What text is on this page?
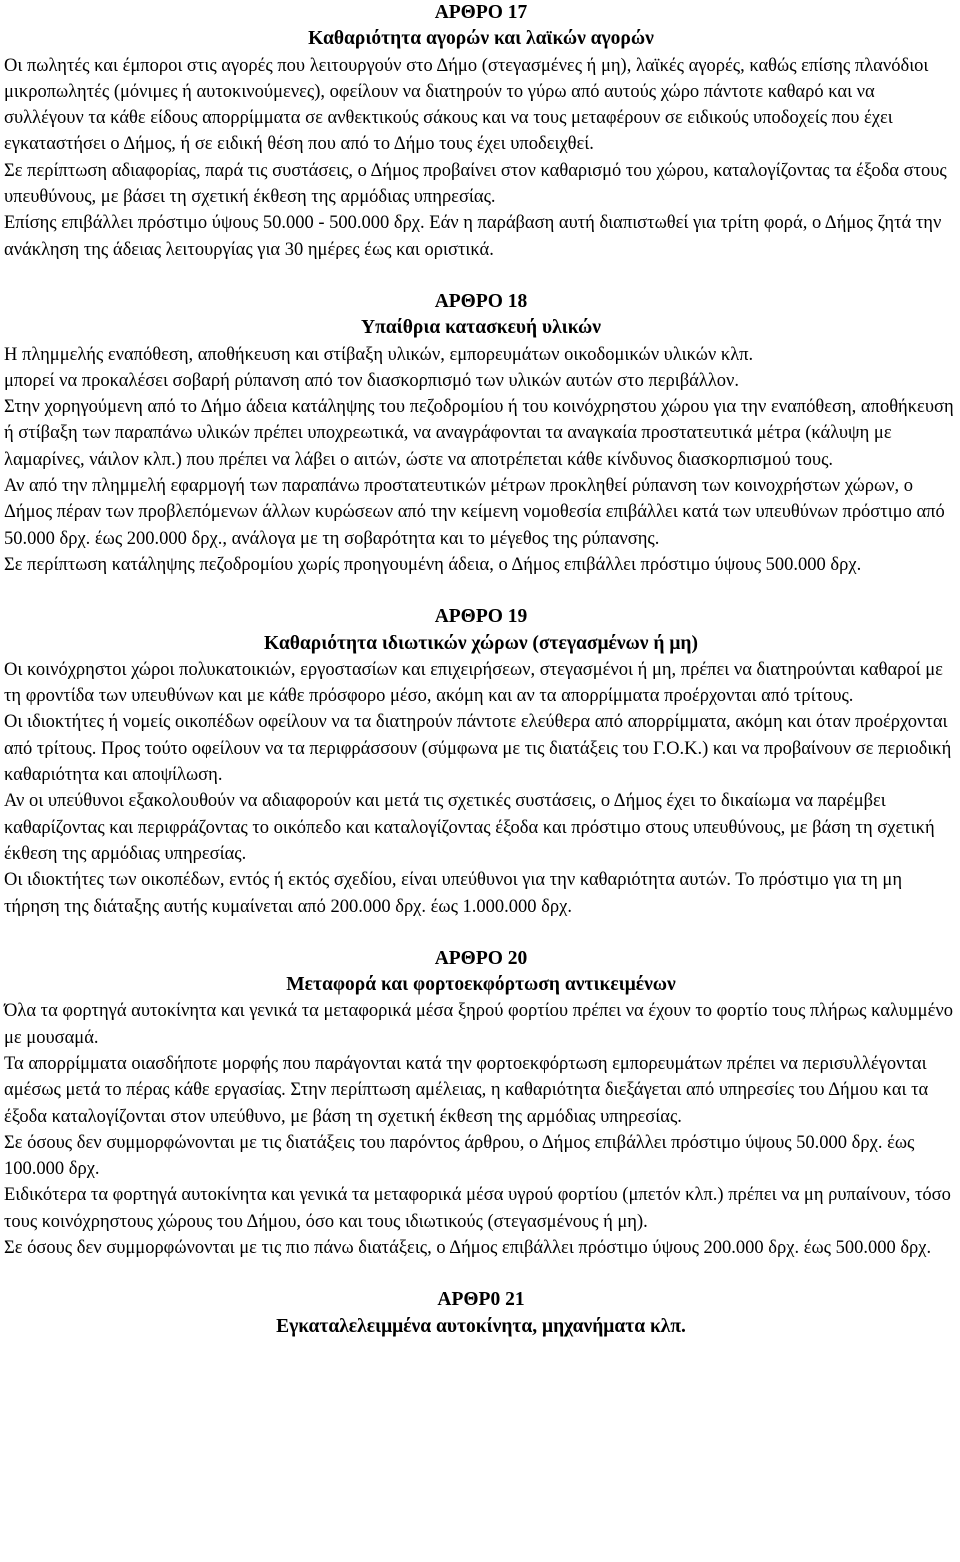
ΑΡΘΡΟ 17

Καθαριότητα αγορών και λαϊκών αγορών

Οι πωλητές και έμποροι στις αγορές που λειτουργούν στο Δήμο (στεγασμένες ή μη), λαϊκές αγορές, καθώς επίσης πλανόδιοι μικροπωλητές (μόνιμες ή αυτοκινούμενες), οφείλουν να διατηρούν το γύρω από αυτούς χώρο πάντοτε καθαρό και να συλλέγουν τα κάθε είδους απορρίμματα σε ανθεκτικούς σάκους και να τους μεταφέρουν σε ειδικούς υποδοχείς που έχει εγκαταστήσει ο Δήμος, ή σε ειδική θέση που από το Δήμο τους έχει υποδειχθεί.

Σε περίπτωση αδιαφορίας, παρά τις συστάσεις, ο Δήμος προβαίνει στον καθαρισμό του χώρου, καταλογίζοντας τα έξοδα στους υπευθύνους, με βάσει τη σχετική έκθεση της αρμόδιας υπηρεσίας.

Επίσης επιβάλλει πρόστιμο ύψους 50.000 - 500.000 δρχ. Εάν η παράβαση αυτή διαπιστωθεί για τρίτη φορά, ο Δήμος ζητά την ανάκληση της άδειας λειτουργίας για 30 ημέρες έως και οριστικά.

ΑΡΘΡΟ 18

Υπαίθρια κατασκευή υλικών

Η πλημμελής εναπόθεση, αποθήκευση και στίβαξη υλικών, εμπορευμάτων οικοδομικών υλικών κλπ.

μπορεί να προκαλέσει σοβαρή ρύπανση από τον διασκορπισμό των υλικών αυτών στο περιβάλλον.

Στην χορηγούμενη από το Δήμο άδεια κατάληψης του πεζοδρομίου ή του κοινόχρηστου χώρου για την εναπόθεση, αποθήκευση ή στίβαξη των παραπάνω υλικών πρέπει υποχρεωτικά, να αναγράφονται τα αναγκαία προστατευτικά μέτρα (κάλυψη με λαμαρίνες, νάιλον κλπ.) που πρέπει να λάβει ο αιτών, ώστε να αποτρέπεται κάθε κίνδυνος διασκορπισμού τους.

Αν από την πλημμελή εφαρμογή των παραπάνω προστατευτικών μέτρων προκληθεί ρύπανση των κοινοχρήστων χώρων, ο Δήμος πέραν των προβλεπόμενων άλλων κυρώσεων από την κείμενη νομοθεσία επιβάλλει κατά των υπευθύνων πρόστιμο από 50.000 δρχ. έως 200.000 δρχ., ανάλογα με τη σοβαρότητα και το μέγεθος της ρύπανσης.

Σε περίπτωση κατάληψης πεζοδρομίου χωρίς προηγουμένη άδεια, ο Δήμος επιβάλλει πρόστιμο ύψους 500.000 δρχ.

ΑΡΘΡΟ 19

Καθαριότητα ιδιωτικών χώρων (στεγασμένων ή μη)

Οι κοινόχρηστοι χώροι πολυκατοικιών, εργοστασίων και επιχειρήσεων, στεγασμένοι ή μη, πρέπει να διατηρούνται καθαροί με τη φροντίδα των υπευθύνων και με κάθε πρόσφορο μέσο, ακόμη και αν τα απορρίμματα προέρχονται από τρίτους.

Οι ιδιοκτήτες ή νομείς οικοπέδων οφείλουν να τα διατηρούν πάντοτε ελεύθερα από απορρίμματα, ακόμη και όταν προέρχονται από τρίτους. Προς τούτο οφείλουν να τα περιφράσσουν (σύμφωνα με τις διατάξεις του Γ.Ο.Κ.) και να προβαίνουν σε περιοδική καθαριότητα και αποψίλωση.

Αν οι υπεύθυνοι εξακολουθούν να αδιαφορούν και μετά τις σχετικές συστάσεις, ο Δήμος έχει το δικαίωμα να παρέμβει καθαρίζοντας και περιφράζοντας το οικόπεδο και καταλογίζοντας έξοδα και πρόστιμο στους υπευθύνους, με βάση τη σχετική έκθεση της αρμόδιας υπηρεσίας.

Οι ιδιοκτήτες των οικοπέδων, εντός ή εκτός σχεδίου, είναι υπεύθυνοι για την καθαριότητα αυτών. Το πρόστιμο για τη μη τήρηση της διάταξης αυτής κυμαίνεται από 200.000 δρχ. έως 1.000.000 δρχ.

ΑΡΘΡΟ 20

Μεταφορά και φορτοεκφόρτωση αντικειμένων

Όλα τα φορτηγά αυτοκίνητα και γενικά τα μεταφορικά μέσα ξηρού φορτίου πρέπει να έχουν το φορτίο τους πλήρως καλυμμένο με μουσαμά.

Τα απορρίμματα οιασδήποτε μορφής που παράγονται κατά την φορτοεκφόρτωση εμπορευμάτων πρέπει να περισυλλέγονται αμέσως μετά το πέρας κάθε εργασίας. Στην περίπτωση αμέλειας, η καθαριότητα διεξάγεται από υπηρεσίες του Δήμου και τα έξοδα καταλογίζονται στον υπεύθυνο, με βάση τη σχετική έκθεση της αρμόδιας υπηρεσίας.

Σε όσους δεν συμμορφώνονται με τις διατάξεις του παρόντος άρθρου, ο Δήμος επιβάλλει πρόστιμο ύψους 50.000 δρχ. έως 100.000 δρχ.

Ειδικότερα τα φορτηγά αυτοκίνητα και γενικά τα μεταφορικά μέσα υγρού φορτίου (μπετόν κλπ.) πρέπει να μη ρυπαίνουν, τόσο τους κοινόχρηστους χώρους του Δήμου, όσο και τους ιδιωτικούς (στεγασμένους ή μη).

Σε όσους δεν συμμορφώνονται με τις πιο πάνω διατάξεις, ο Δήμος επιβάλλει πρόστιμο ύψους 200.000 δρχ. έως 500.000 δρχ.

ΑΡΘΡ0 21

Εγκαταλελειμμένα αυτοκίνητα, μηχανήματα κλπ.
